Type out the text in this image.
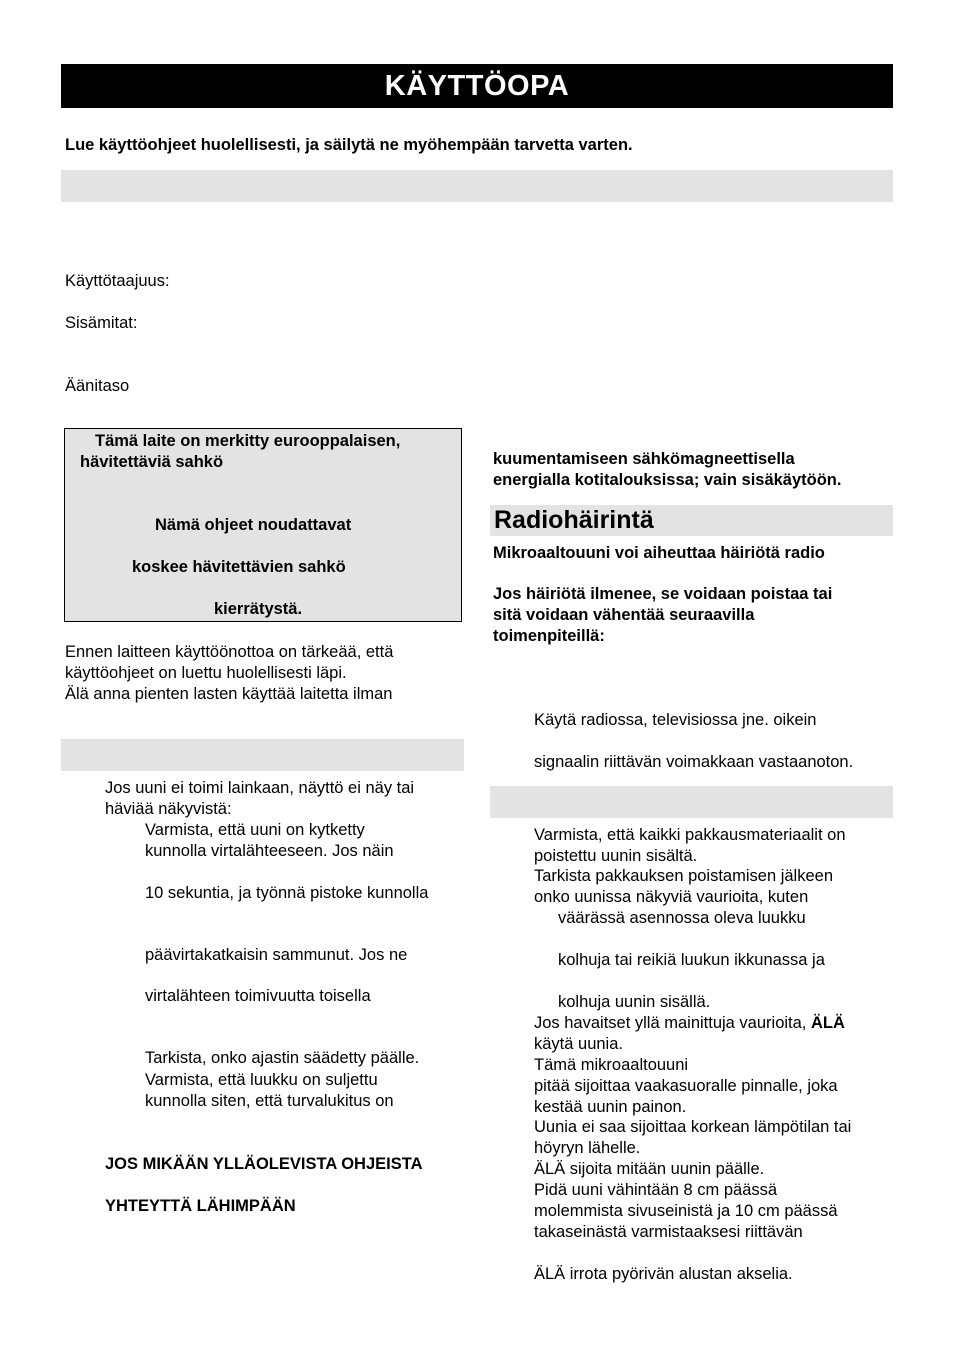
KÄYTTÖOPA
Lue käyttöohjeet huolellisesti, ja säilytä ne myöhempään tarvetta varten.
Käyttötaajuus:
Sisämitat:
Äänitaso
Tämä laite on merkitty eurooppalaisen,
hävitettäviä sahkö
Nämä ohjeet noudattavat
koskee hävitettävien sahkö
kierrätystä.
kuumentamiseen sähkömagneettisella
energialla kotitalouksissa; vain sisäkäytöön.
Radiohäirintä
Mikroaaltouuni voi aiheuttaa häiriötä radio
Jos häiriötä ilmenee, se voidaan poistaa tai
sitä voidaan vähentää seuraavilla
toimenpiteillä:
Käytä radiossa, televisiossa jne. oikein
signaalin riittävän voimakkaan vastaanoton.
Ennen laitteen käyttöönottoa on tärkeää, että
käyttöohjeet on luettu huolellisesti läpi.
Älä anna pienten lasten käyttää laitetta ilman
Jos uuni ei toimi lainkaan, näyttö ei näy tai
häviää näkyvistä:
Varmista, että uuni on kytketty
kunnolla virtalähteeseen. Jos näin
10 sekuntia, ja työnnä pistoke kunnolla
päävirtakatkaisin sammunut. Jos ne
virtalähteen toimivuutta toisella
Tarkista, onko ajastin säädetty päälle.
Varmista, että luukku on suljettu
kunnolla siten, että turvalukitus on
JOS MIKÄÄN YLLÄOLEVISTA OHJEISTA
YHTEYTTÄ LÄHIMPÄÄN
Varmista, että kaikki pakkausmateriaalit on
poistettu uunin sisältä.
Tarkista pakkauksen poistamisen jälkeen
onko uunissa näkyviä vaurioita, kuten
väärässä asennossa oleva luukku
kolhuja tai reikiä luukun ikkunassa ja
kolhuja uunin sisällä.
Jos havaitset yllä mainittuja vaurioita, ÄLÄ
käytä uunia.
Tämä mikroaaltouuni
pitää sijoittaa vaakasuoralle pinnalle, joka
kestää uunin painon.
Uunia ei saa sijoittaa korkean lämpötilan tai
höyryn lähelle.
ÄLÄ sijoita mitään uunin päälle.
Pidä uuni vähintään 8 cm päässä
molemmista sivuseinistä ja 10 cm päässä
takaseinästä varmistaaksesi riittävän
ÄLÄ irrota pyörivän alustan akselia.
